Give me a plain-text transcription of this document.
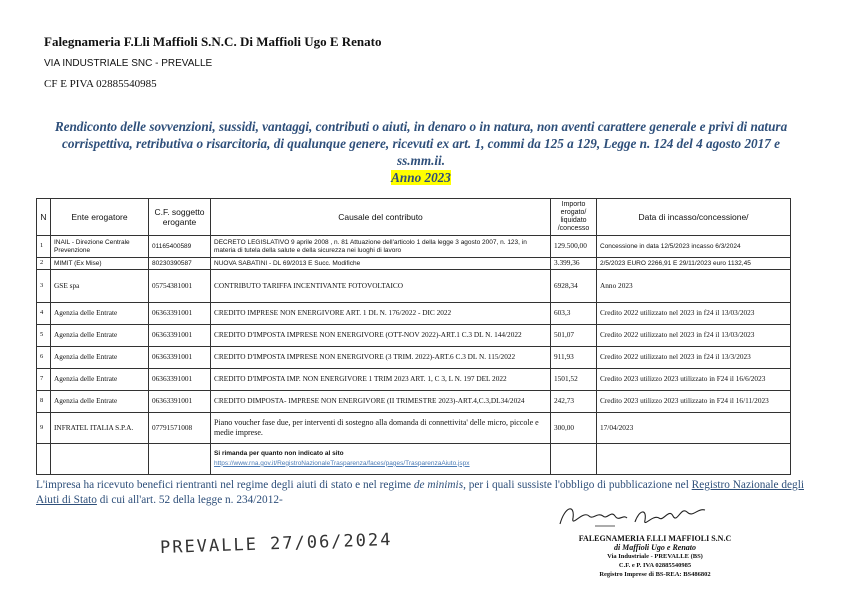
Falegnameria F.Lli Maffioli S.N.C. Di Maffioli Ugo E Renato
VIA INDUSTRIALE SNC - PREVALLE
CF E PIVA 02885540985
Rendiconto delle sovvenzioni, sussidi, vantaggi, contributi o aiuti, in denaro o in natura, non aventi carattere generale e privi di natura corrispettiva, retributiva o risarcitoria, di qualunque genere, ricevuti ex art. 1, commi da 125 a 129, Legge n. 124 del 4 agosto 2017 e ss.mm.ii.
Anno 2023
N	Ente erogatore	C.F. soggetto erogante	Causale del contributo	Importo erogato/ liquidato /concesso	Data di incasso/concessione/
1	INAIL - Direzione Centrale Prevenzione	01165400589	DECRETO LEGISLATIVO 9 aprile 2008 , n. 81 Attuazione dell'articolo 1 della legge 3 agosto 2007, n. 123, in materia di tutela della salute e della sicurezza nei luoghi di lavoro	129.500,00	Concessione in data 12/5/2023 incasso 6/3/2024
2	MIMIT (Ex Mise)	80230390587	NUOVA SABATINI - DL 69/2013 E Succ. Modifiche	3.399,36	2/5/2023 EURO 2266,91 E 29/11/2023 euro 1132,45
3	GSE spa	05754381001	CONTRIBUTO TARIFFA INCENTIVANTE FOTOVOLTAICO	6928,34	Anno 2023
4	Agenzia delle Entrate	06363391001	CREDITO IMPRESE NON ENERGIVORE ART. 1 DL N. 176/2022 - DIC 2022	603,3	Credito 2022 utilizzato nel 2023 in f24 il 13/03/2023
5	Agenzia delle Entrate	06363391001	CREDITO D'IMPOSTA IMPRESE NON ENERGIVORE (OTT-NOV 2022)-ART.1 C.3 DL N. 144/2022	501,07	Credito 2022 utilizzato nel 2023 in f24 il 13/03/2023
6	Agenzia delle Entrate	06363391001	CREDITO D'IMPOSTA IMPRESE NON ENERGIVORE (3 TRIM. 2022)-ART.6 C.3 DL N. 115/2022	911,93	Credito 2022 utilizzato nel 2023 in f24 il 13/3/2023
7	Agenzia delle Entrate	06363391001	CREDITO D'IMPOSTA IMP. NON ENERGIVORE 1 TRIM 2023 ART. 1, C 3, L N. 197 DEL 2022	1501,52	Credito 2023 utilizzo 2023 utilizzato in F24 il 16/6/2023
8	Agenzia delle Entrate	06363391001	CREDITO DIMPOSTA- IMPRESE NON ENERGIVORE (II TRIMESTRE 2023)-ART.4,C.3,DL34/2024	242,73	Credito 2023 utilizzo 2023 utilizzato in F24 il 16/11/2023
9	INFRATEL ITALIA S.P.A.	07791571008	Piano voucher fase due, per interventi di sostegno alla domanda di connettivita' delle micro, piccole e medie imprese.	300,00	17/04/2023

			Si rimanda per quanto non indicato al sito
https://www.rna.gov.it/RegistroNazionaleTrasparenza/faces/pages/TrasparenzaAiuto.jspx		

L'impresa ha ricevuto benefici rientranti nel regime degli aiuti di stato e nel regime de minimis, per i quali sussiste l'obbligo di pubblicazione nel Registro Nazionale degli Aiuti di Stato di cui all'art. 52 della legge n. 234/2012-
PREVALLE 27/06/2024	FALEGNAMERIA F.LLI MAFFIOLI S.N.C
di Maffioli Ugo e Renato
Via Industriale - PREVALLE (BS)
C.F. e P. IVA 02885540985
Registro Imprese di BS-REA: BS486802
